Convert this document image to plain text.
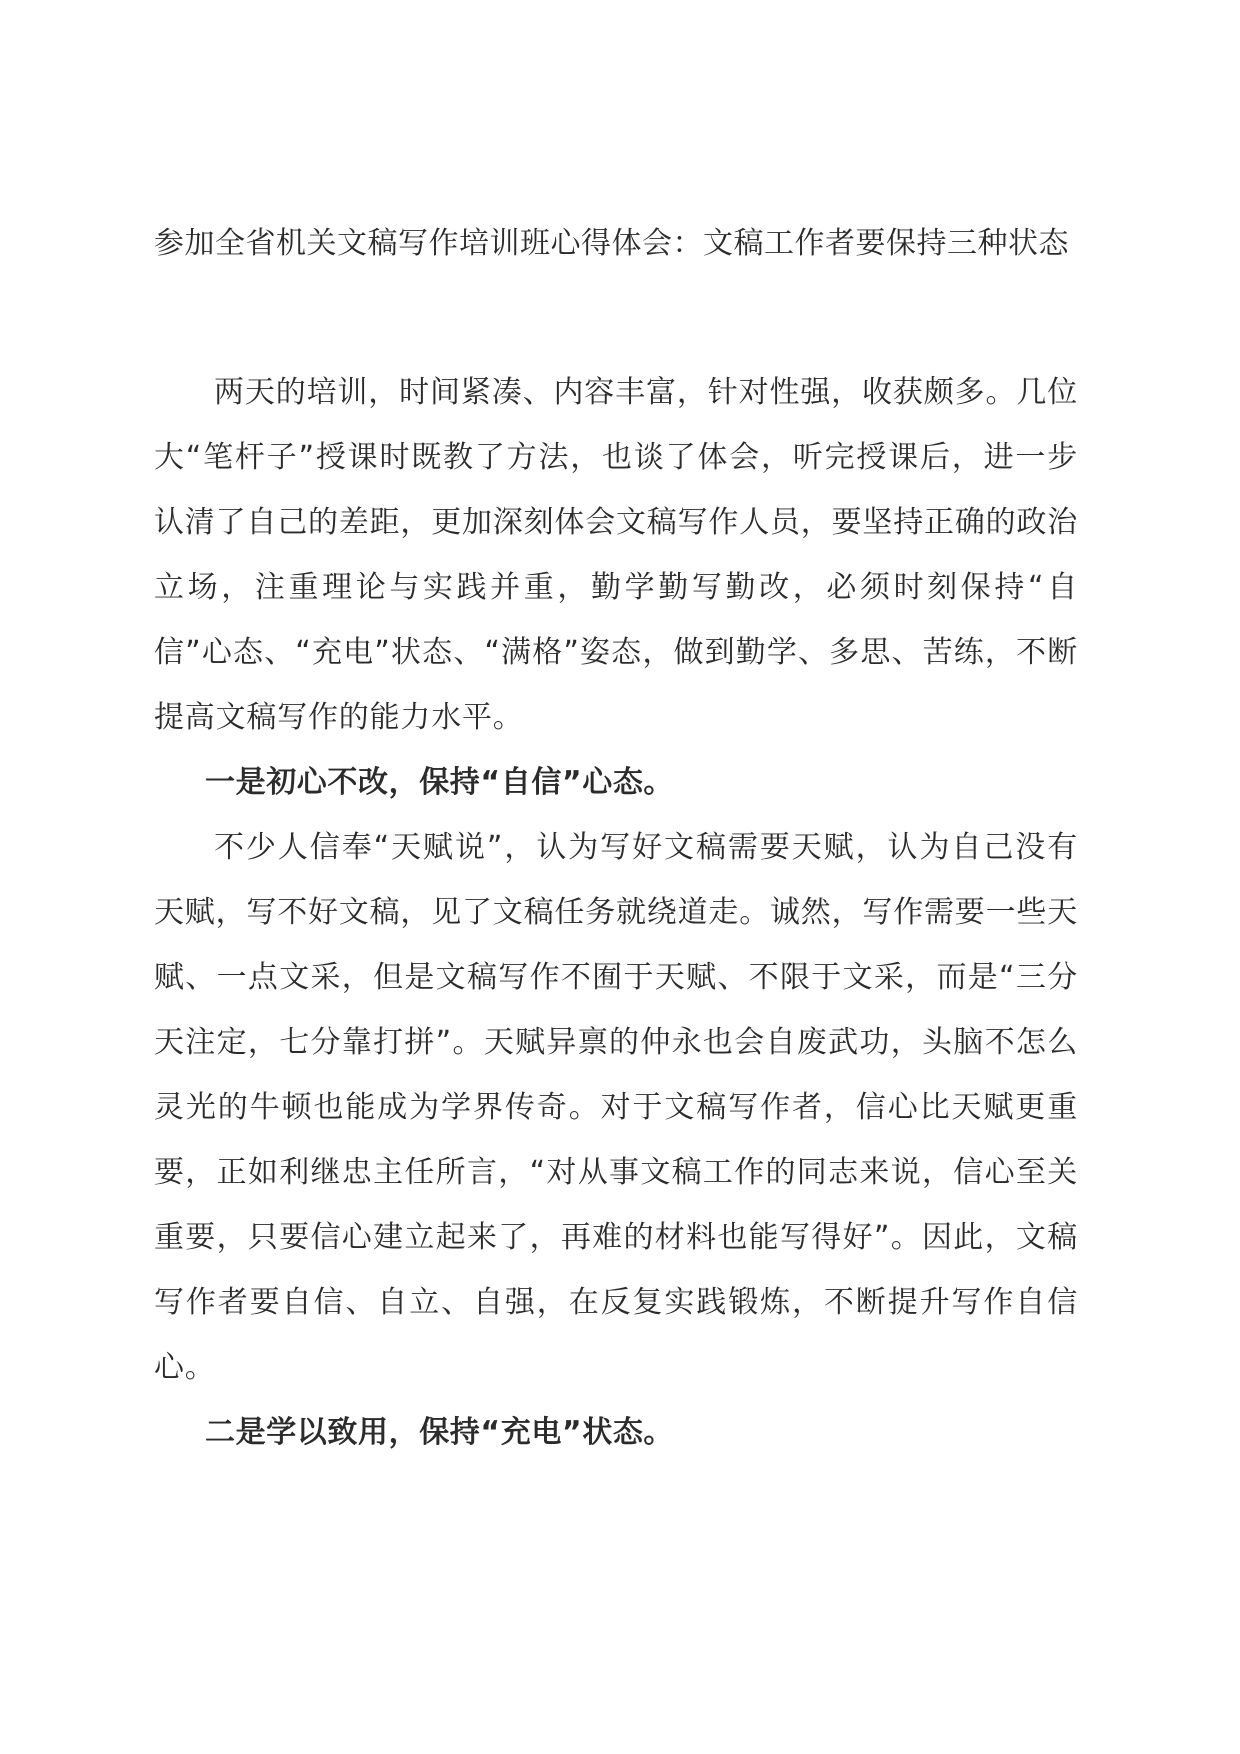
参加全省机关文稿写作培训班心得体会：文稿工作者要保持三种状态

两天的培训，时间紧凑、内容丰富，针对性强，收获颇多。几位大“笔杆子”授课时既教了方法，也谈了体会，听完授课后，进一步认清了自己的差距，更加深刻体会文稿写作人员，要坚持正确的政治立场，注重理论与实践并重，勤学勤写勤改，必须时刻保持“自信”心态、“充电”状态、“满格”姿态，做到勤学、多思、苦练，不断提高文稿写作的能力水平。

一是初心不改，保持“自信”心态。

不少人信奉“天赋说”，认为写好文稿需要天赋，认为自己没有天赋，写不好文稿，见了文稿任务就绕道走。诚然，写作需要一些天赋、一点文采，但是文稿写作不囿于天赋、不限于文采，而是“三分天注定，七分靠打拼”。天赋异禀的仲永也会自废武功，头脑不怎么灵光的牛顿也能成为学界传奇。对于文稿写作者，信心比天赋更重要，正如利继忠主任所言，“对从事文稿工作的同志来说，信心至关重要，只要信心建立起来了，再难的材料也能写得好”。因此，文稿写作者要自信、自立、自强，在反复实践锻炼，不断提升写作自信心。

二是学以致用，保持“充电”状态。
